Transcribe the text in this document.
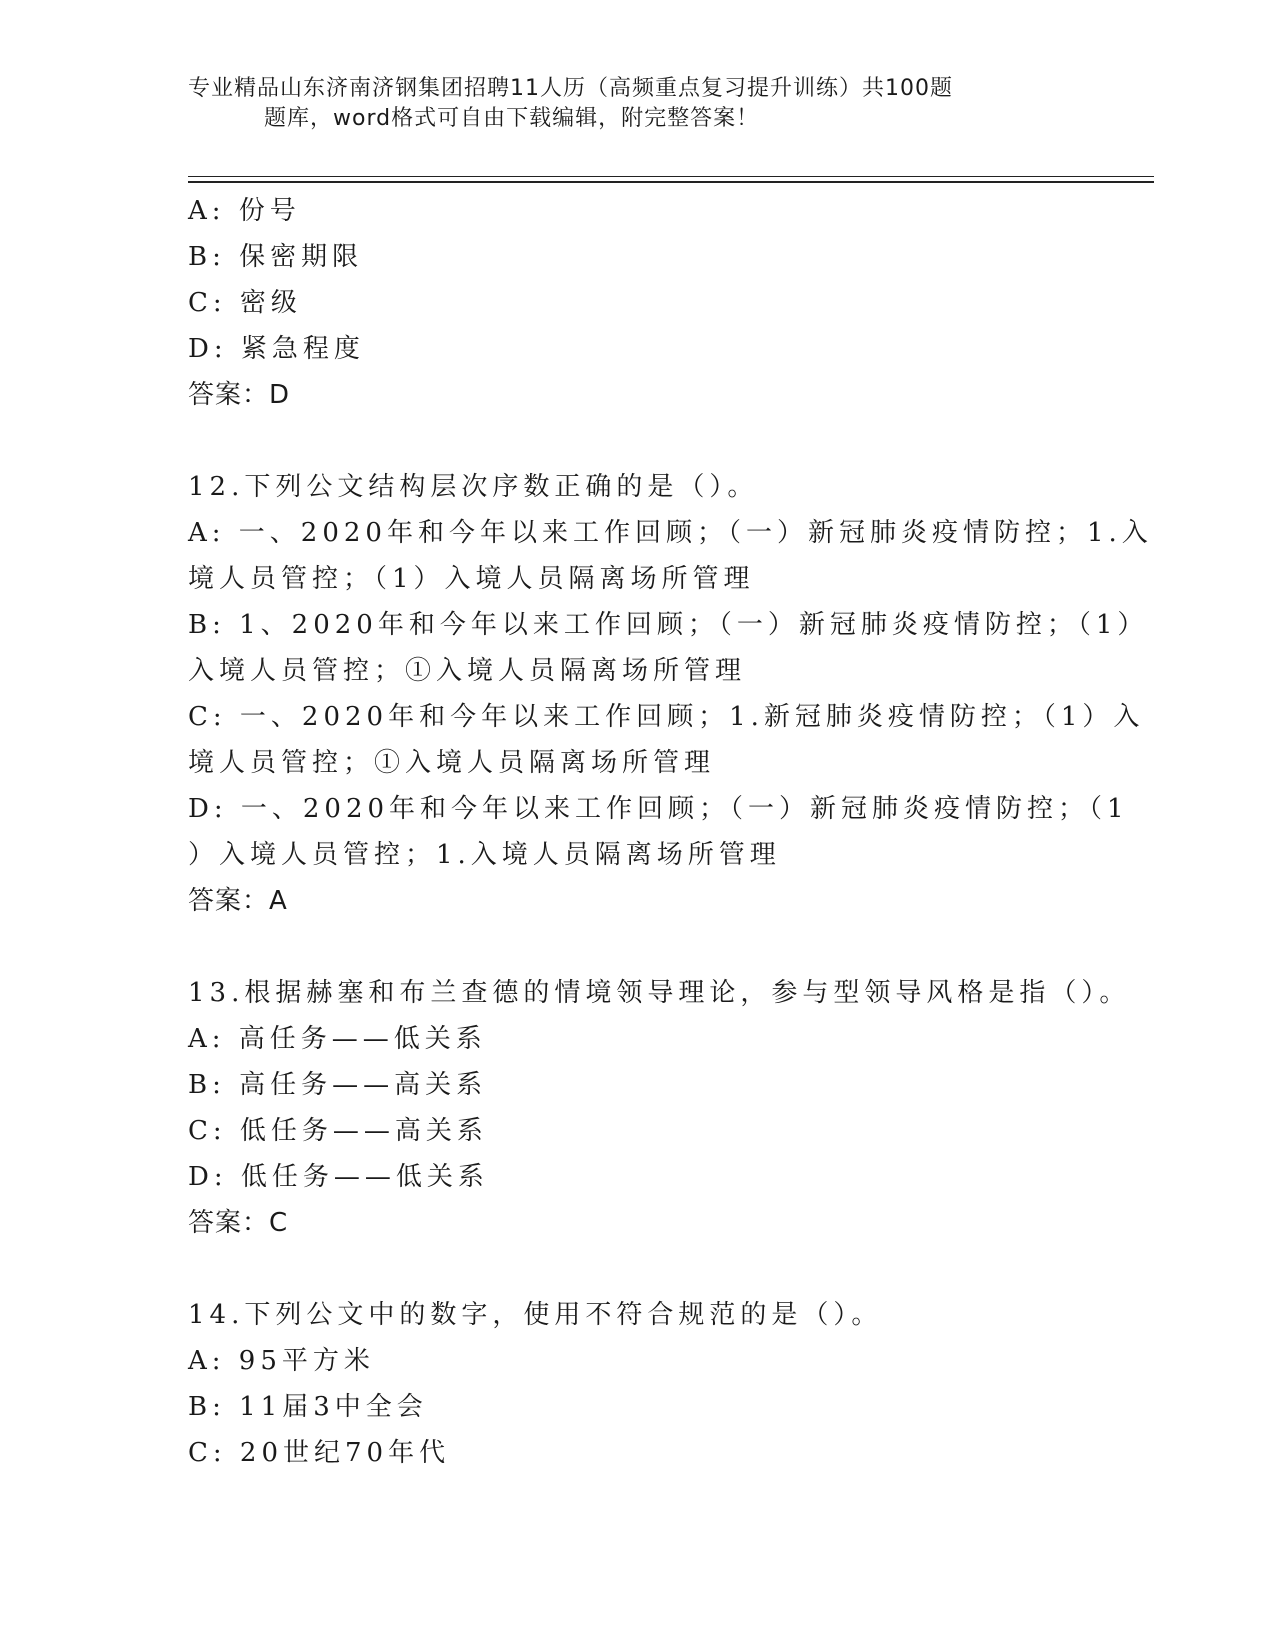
专业精品山东济南济钢集团招聘11人历（高频重点复习提升训练）共100题
题库，word格式可自由下载编辑，附完整答案！

A: 份号

B: 保密期限

C: 密级

D: 紧急程度

答案：D

12.下列公文结构层次序数正确的是（）。

A: 一、2020年和今年以来工作回顾；（一）新冠肺炎疫情防控；1.入

境人员管控；（1）入境人员隔离场所管理

B: 1、2020年和今年以来工作回顾；（一）新冠肺炎疫情防控；（1）

入境人员管控；①入境人员隔离场所管理

C: 一、2020年和今年以来工作回顾；1.新冠肺炎疫情防控；（1）入

境人员管控；①入境人员隔离场所管理

D: 一、2020年和今年以来工作回顾；（一）新冠肺炎疫情防控；（1

）入境人员管控；1.入境人员隔离场所管理

答案：A

13.根据赫塞和布兰查德的情境领导理论，参与型领导风格是指（）。

A: 高任务——低关系

B: 高任务——高关系

C: 低任务——高关系

D: 低任务——低关系

答案：C

14.下列公文中的数字，使用不符合规范的是（）。

A: 95平方米

B: 11届3中全会

C: 20世纪70年代
